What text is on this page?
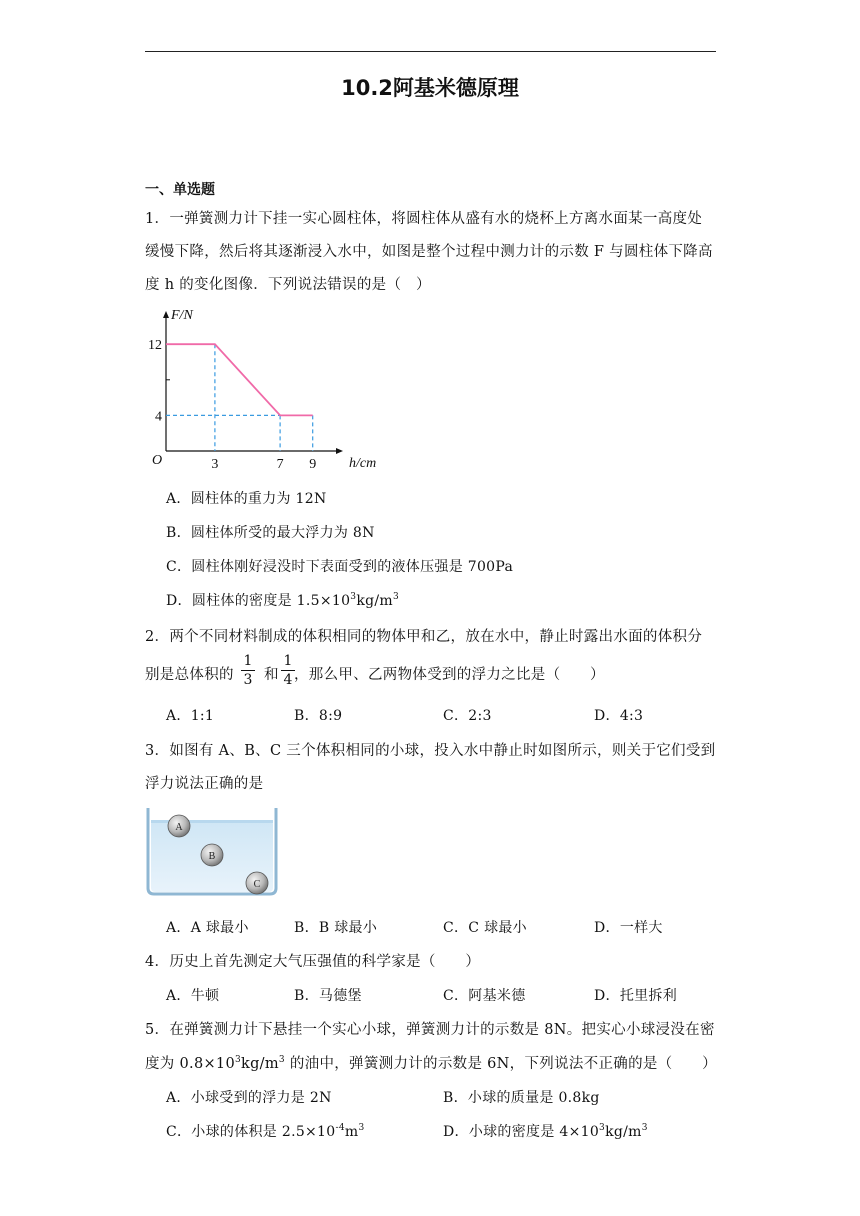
10.2阿基米德原理
一、单选题
1．一弹簧测力计下挂一实心圆柱体，将圆柱体从盛有水的烧杯上方离水面某一高度处
缓慢下降，然后将其逐渐浸入水中，如图是整个过程中测力计的示数 F 与圆柱体下降高
度 h 的变化图像．下列说法错误的是（　）
F/N
h/cm
O
12
4
3	7 9
A．圆柱体的重力为 12N
B．圆柱体所受的最大浮力为 8N
C．圆柱体刚好浸没时下表面受到的液体压强是 700Pa
D．圆柱体的密度是 $1.5\times 10^3kg/m^3$
2．两个不同材料制成的体积相同的物体甲和乙，放在水中，静止时露出水面的体积分
别是总体积的
1
3 和
1
4 ，那么甲、乙两物体受到的浮力之比是（　　）
A．1:1	B．8:9	C．2:3	D．4:3
3．如图有 A、B、C 三个体积相同的小球，投入水中静止时如图所示，则关于它们受到
浮力说法正确的是
A
B
C
A．A 球最小	B．B 球最小	C．C 球最小	D．一样大
4．历史上首先测定大气压强值的科学家是（　　）
A．牛顿	B．马德堡	C．阿基米德	D．托里拆利
5．在弹簧测力计下悬挂一个实心小球，弹簧测力计的示数是 8N。把实心小球浸没在密
度为 $0.8\times 10^3kg/m^3$ 的油中，弹簧测力计的示数是 6N，下列说法不正确的是（　　）
A．小球受到的浮力是 2N	B．小球的质量是 0.8kg
C．小球的体积是 $2.5\times 10^{-4}m^3$	D．小球的密度是 $4\times 10^3kg/m^3$
